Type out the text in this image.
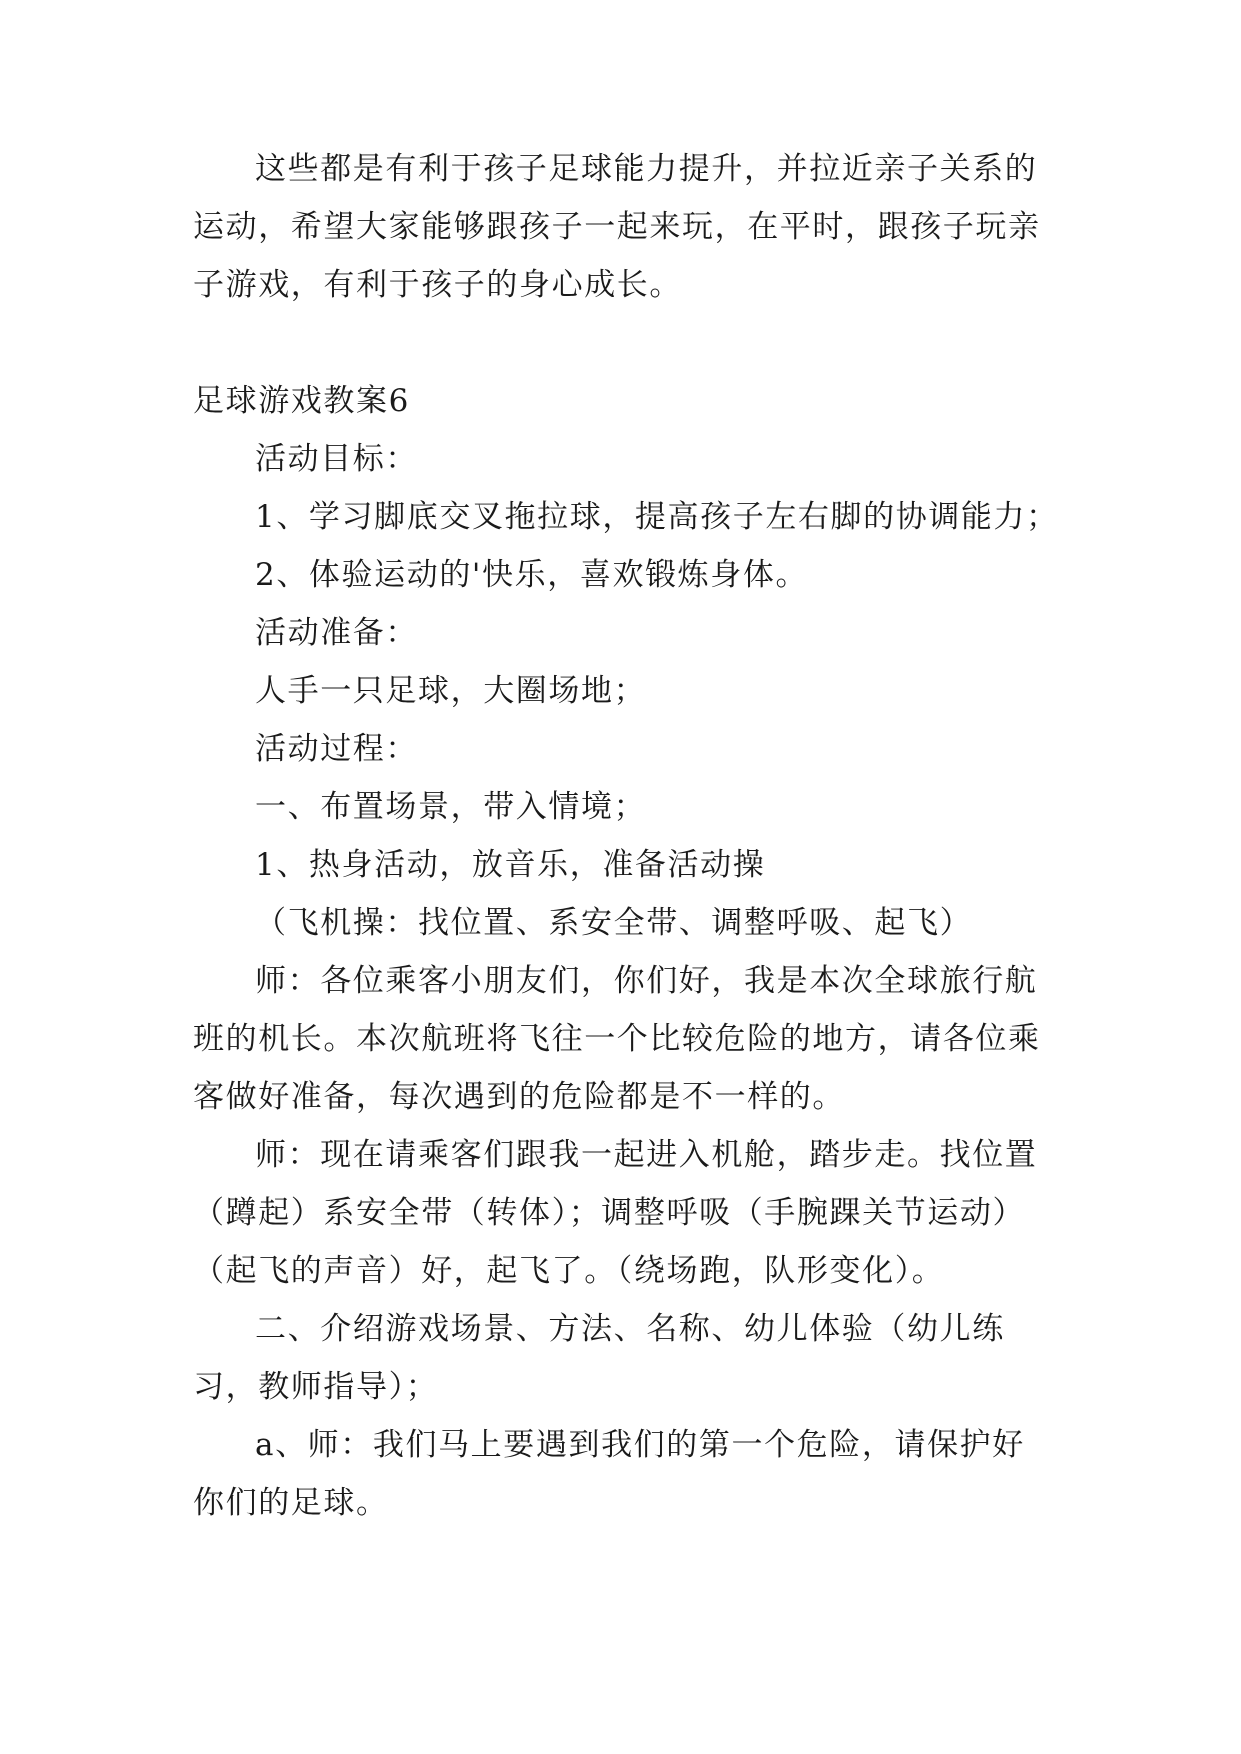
这些都是有利于孩子足球能力提升，并拉近亲子关系的运动，希望大家能够跟孩子一起来玩，在平时，跟孩子玩亲子游戏，有利于孩子的身心成长。

足球游戏教案6

活动目标：

1、学习脚底交叉拖拉球，提高孩子左右脚的协调能力；

2、体验运动的'快乐，喜欢锻炼身体。

活动准备：

人手一只足球，大圈场地；

活动过程：

一、布置场景，带入情境；

1、热身活动，放音乐，准备活动操

（飞机操：找位置、系安全带、调整呼吸、起飞）

师：各位乘客小朋友们，你们好，我是本次全球旅行航班的机长。本次航班将飞往一个比较危险的地方，请各位乘客做好准备，每次遇到的危险都是不一样的。

师：现在请乘客们跟我一起进入机舱，踏步走。找位置（蹲起）系安全带（转体）；调整呼吸（手腕踝关节运动）（起飞的声音）好，起飞了。（绕场跑，队形变化）。

二、介绍游戏场景、方法、名称、幼儿体验（幼儿练习，教师指导）；

a、师：我们马上要遇到我们的第一个危险，请保护好你们的足球。
